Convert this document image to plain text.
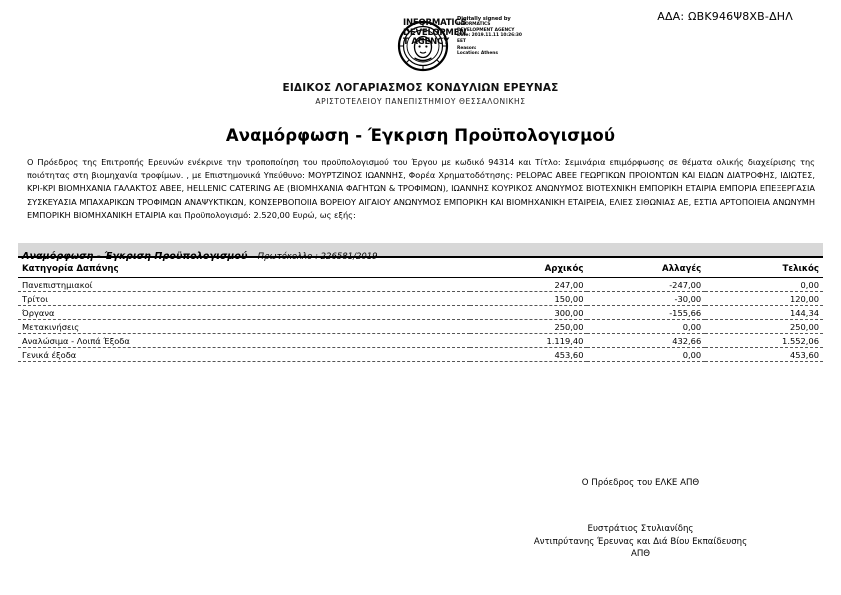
ΑΔΑ: ΩΒΚ946Ψ8ΧΒ-ΔΗΛ
INFORMATICS
DEVELOPMEN
T AGENCY
Digitally signed by
INFORMATICS
DEVELOPMENT AGENCY
Date: 2019.11.11 10:26:30
EET
Reason:
Location: Athens
ΕΙΔΙΚΟΣ ΛΟΓΑΡΙΑΣΜΟΣ ΚΟΝΔΥΛΙΩΝ ΕΡΕΥΝΑΣ
ΑΡΙΣΤΟΤΕΛΕΙΟΥ ΠΑΝΕΠΙΣΤΗΜΙΟΥ ΘΕΣΣΑΛΟΝΙΚΗΣ
Αναμόρφωση - Έγκριση Προϋπολογισμού
Ο Πρόεδρος της Επιτροπής Ερευνών ενέκρινε την τροποποίηση του προϋπολογισμού του Έργου με κωδικό 94314 και Τίτλο: Σεμινάρια επιμόρφωσης σε θέματα ολικής διαχείρισης της ποιότητας στη βιομηχανία τροφίμων. , με Επιστημονικά Υπεύθυνο: ΜΟΥΡΤΖΙΝΟΣ ΙΩΑΝΝΗΣ, Φορέα Χρηματοδότησης: PELOPAC ΑΒΕΕ ΓΕΩΡΓΙΚΩΝ ΠΡΟΙΟΝΤΩΝ ΚΑΙ ΕΙΔΩΝ ΔΙΑΤΡΟΦΗΣ, ΙΔΙΩΤΕΣ, ΚΡΙ-ΚΡΙ ΒΙΟΜΗΧΑΝΙΑ ΓΑΛΑΚΤΟΣ ΑΒΕΕ, HELLENIC CATERING ΑΕ (ΒΙΟΜΗΧΑΝΙΑ ΦΑΓΗΤΩΝ & ΤΡΟΦΙΜΩΝ), ΙΩΑΝΝΗΣ ΚΟΥΡΙΚΟΣ ΑΝΩΝΥΜΟΣ ΒΙΟΤΕΧΝΙΚΗ ΕΜΠΟΡΙΚΗ ΕΤΑΙΡΙΑ ΕΜΠΟΡΙΑ ΕΠΕΞΕΡΓΑΣΙΑ ΣΥΣΚΕΥΑΣΙΑ ΜΠΑΧΑΡΙΚΩΝ ΤΡΟΦΙΜΩΝ ΑΝΑΨΥΚΤΙΚΩΝ, ΚΟΝΣΕΡΒΟΠΟΙΙΑ ΒΟΡΕΙΟΥ ΑΙΓΑΙΟΥ ΑΝΩΝΥΜΟΣ ΕΜΠΟΡΙΚΗ ΚΑΙ ΒΙΟΜΗΧΑΝΙΚΗ ΕΤΑΙΡΕΙΑ, ΕΛΙΕΣ ΣΙΘΩΝΙΑΣ ΑΕ, ΕΣΤΙΑ ΑΡΤΟΠΟΙΕΙΑ ΑΝΩΝΥΜΗ ΕΜΠΟΡΙΚΗ ΒΙΟΜΗΧΑΝΙΚΗ ΕΤΑΙΡΙΑ και Προϋπολογισμό: 2.520,00 Ευρώ, ως εξής:
Αναμόρφωση - Έγκριση Προϋπολογισμού Πρωτόκολλο : 226581/2019
Κατηγορία Δαπάνης	Αρχικός	Αλλαγές	Τελικός
Πανεπιστημιακοί	247,00	-247,00	0,00
Τρίτοι	150,00	-30,00	120,00
Όργανα	300,00	-155,66	144,34
Μετακινήσεις	250,00	0,00	250,00
Αναλώσιμα - Λοιπά Έξοδα	1.119,40	432,66	1.552,06
Γενικά έξοδα	453,60	0,00	453,60
Ο Πρόεδρος του ΕΛΚΕ ΑΠΘ
Ευστράτιος Στυλιανίδης
Αντιπρύτανης Έρευνας και Διά Βίου Εκπαίδευσης
ΑΠΘ
